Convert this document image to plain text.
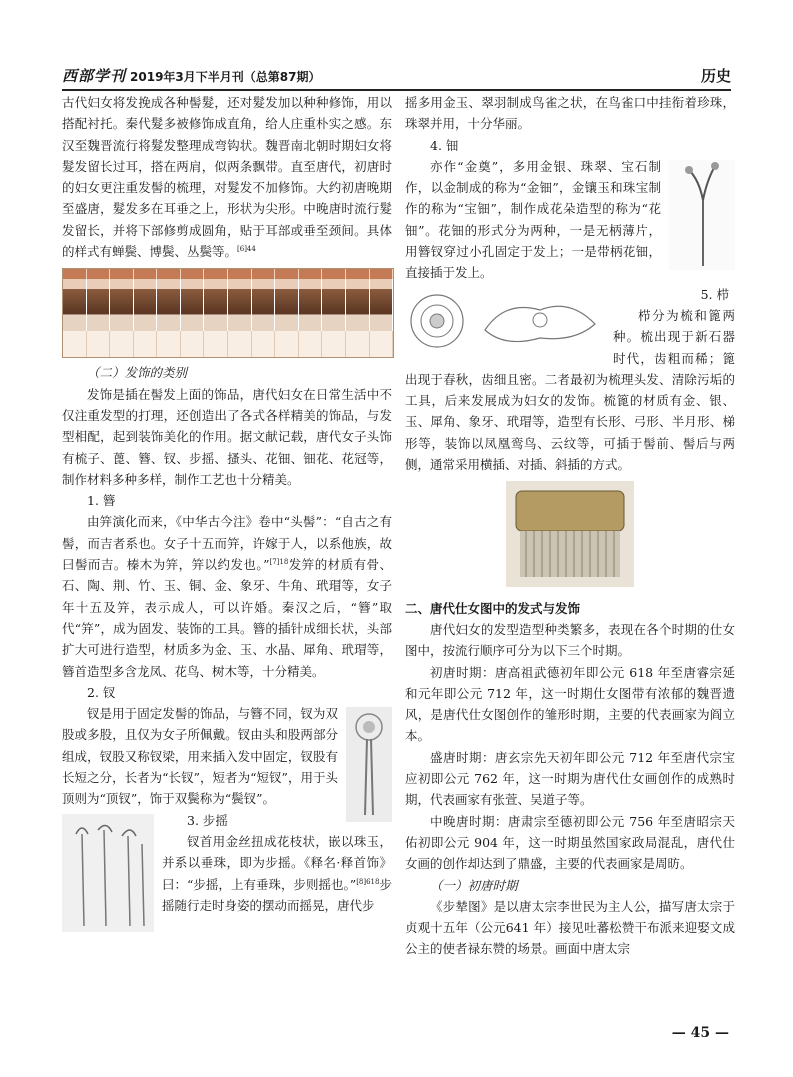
西部学刊 2019年3月下半月刊（总第87期）	历史

古代妇女将发挽成各种髻髮，还对髮发加以种种修饰，用以搭配衬托。秦代髮多被修饰成直角，给人庄重朴实之感。东汉至魏晋流行将髮发整理成弯钩状。魏晋南北朝时期妇女将髮发留长过耳，搭在两肩，似两条飘带。直至唐代，初唐时的妇女更注重发髻的梳理，对髮发不加修饰。大约初唐晚期至盛唐，髮发多在耳垂之上，形状为尖形。中晚唐时流行髮发留长，并将下部修剪成圆角，贴于耳部或垂至颈间。具体的样式有蝉鬓、博鬓、丛鬓等。$^{[6]44}$

（二）发饰的类别

发饰是插在髻发上面的饰品，唐代妇女在日常生活中不仅注重发型的打理，还创造出了各式各样精美的饰品，与发型相配，起到装饰美化的作用。据文献记载，唐代女子头饰有梳子、蓖、簪、钗、步摇、搔头、花钿、钿花、花冠等，制作材料多种多样，制作工艺也十分精美。

1. 簪

由笄演化而来，《中华古今注》卷中“头髻”：“自古之有髻，而吉者系也。女子十五而笄，许嫁于人，以系他族，故曰髻而吉。榛木为笄，笄以约发也。”$^{[7]18}$发笄的材质有骨、石、陶、荆、竹、玉、铜、金、象牙、牛角、玳瑁等，女子年十五及笄，表示成人，可以许婚。秦汉之后，“簪”取代“笄”，成为固发、装饰的工具。簪的插针成细长状，头部扩大可进行造型，材质多为金、玉、水晶、犀角、玳瑁等，簪首造型多含龙凤、花鸟、树木等，十分精美。

2. 钗

钗是用于固定发髻的饰品，与簪不同，钗为双股或多股，且仅为女子所佩戴。钗由头和股两部分组成，钗股又称钗梁，用来插入发中固定，钗股有长短之分，长者为“长钗”，短者为“短钗”，用于头顶则为“顶钗”，饰于双鬓称为“鬓钗”。

3. 步摇

钗首用金丝扭成花枝状，嵌以珠玉，并系以垂珠，即为步摇。《释名·释首饰》曰：“步摇，上有垂珠，步则摇也。”$^{[8]618}$步摇随行走时身姿的摆动而摇晃，唐代步

摇多用金玉、翠羽制成鸟雀之状，在鸟雀口中挂衔着珍珠，珠翠并用，十分华丽。

4. 钿

亦作“金奠”，多用金银、珠翠、宝石制作，以金制成的称为“金钿”，金镶玉和珠宝制作的称为“宝钿”，制作成花朵造型的称为“花钿”。花钿的形式分为两种，一是无柄薄片，用簪钗穿过小孔固定于发上；一是带柄花钿，直接插于发上。

5. 栉

栉分为梳和篦两种。梳出现于新石器时代，齿粗而稀；篦出现于春秋，齿细且密。二者最初为梳理头发、清除污垢的工具，后来发展成为妇女的发饰。梳篦的材质有金、银、玉、犀角、象牙、玳瑁等，造型有长形、弓形、半月形、梯形等，装饰以凤凰鸾鸟、云纹等，可插于髻前、髻后与两侧，通常采用横插、对插、斜插的方式。

二、唐代仕女图中的发式与发饰

唐代妇女的发型造型种类繁多，表现在各个时期的仕女图中，按流行顺序可分为以下三个时期。

初唐时期：唐高祖武德初年即公元 618 年至唐睿宗延和元年即公元 712 年，这一时期仕女图带有浓郁的魏晋遗风，是唐代仕女图创作的雏形时期，主要的代表画家为阎立本。

盛唐时期：唐玄宗先天初年即公元 712 年至唐代宗宝应初即公元 762 年，这一时期为唐代仕女画创作的成熟时期，代表画家有张萱、吴道子等。

中晚唐时期：唐肃宗至德初即公元 756 年至唐昭宗天佑初即公元 904 年，这一时期虽然国家政局混乱，唐代仕女画的创作却达到了鼎盛，主要的代表画家是周昉。

（一）初唐时期

《步辇图》是以唐太宗李世民为主人公，描写唐太宗于贞观十五年（公元641 年）接见吐蕃松赞干布派来迎娶文成公主的使者禄东赞的场景。画面中唐太宗

— 45 —
